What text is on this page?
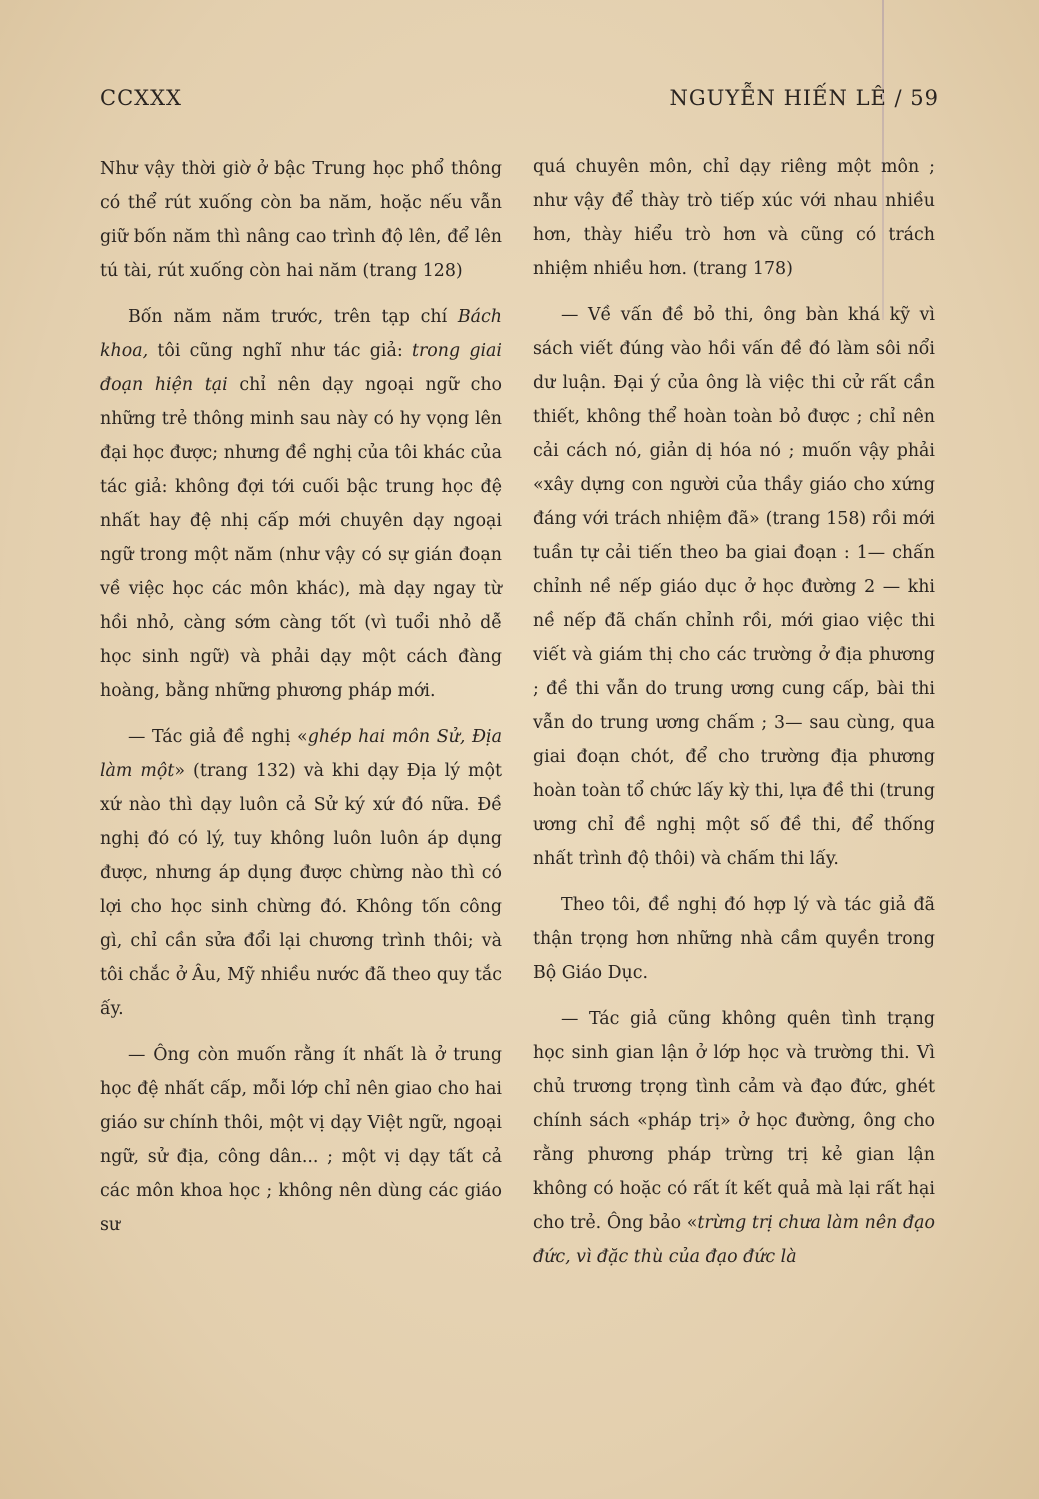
CCXXX	NGUYỄN HIẾN LÊ / 59

Như vậy thời giờ ở bậc Trung học phổ thông có thể rút xuống còn ba năm, hoặc nếu vẫn giữ bốn năm thì nâng cao trình độ lên, để lên tú tài, rút xuống còn hai năm (trang 128)

Bốn năm năm trước, trên tạp chí Bách khoa, tôi cũng nghĩ như tác giả: trong giai đoạn hiện tại chỉ nên dạy ngoại ngữ cho những trẻ thông minh sau này có hy vọng lên đại học được; nhưng đề nghị của tôi khác của tác giả: không đợi tới cuối bậc trung học đệ nhất hay đệ nhị cấp mới chuyên dạy ngoại ngữ trong một năm (như vậy có sự gián đoạn về việc học các môn khác), mà dạy ngay từ hồi nhỏ, càng sớm càng tốt (vì tuổi nhỏ dễ học sinh ngữ) và phải dạy một cách đàng hoàng, bằng những phương pháp mới.

— Tác giả đề nghị «ghép hai môn Sử, Địa làm một» (trang 132) và khi dạy Địa lý một xứ nào thì dạy luôn cả Sử ký xứ đó nữa. Đề nghị đó có lý, tuy không luôn luôn áp dụng được, nhưng áp dụng được chừng nào thì có lợi cho học sinh chừng đó. Không tốn công gì, chỉ cần sửa đổi lại chương trình thôi; và tôi chắc ở Âu, Mỹ nhiều nước đã theo quy tắc ấy.

— Ông còn muốn rằng ít nhất là ở trung học đệ nhất cấp, mỗi lớp chỉ nên giao cho hai giáo sư chính thôi, một vị dạy Việt ngữ, ngoại ngữ, sử địa, công dân... ; một vị dạy tất cả các môn khoa học ; không nên dùng các giáo sư

quá chuyên môn, chỉ dạy riêng một môn ; như vậy để thày trò tiếp xúc với nhau nhiều hơn, thày hiểu trò hơn và cũng có trách nhiệm nhiều hơn. (trang 178)

— Về vấn đề bỏ thi, ông bàn khá kỹ vì sách viết đúng vào hồi vấn đề đó làm sôi nổi dư luận. Đại ý của ông là việc thi cử rất cần thiết, không thể hoàn toàn bỏ được ; chỉ nên cải cách nó, giản dị hóa nó ; muốn vậy phải «xây dựng con người của thầy giáo cho xứng đáng với trách nhiệm đã» (trang 158) rồi mới tuần tự cải tiến theo ba giai đoạn : 1— chấn chỉnh nề nếp giáo dục ở học đường 2 — khi nề nếp đã chấn chỉnh rồi, mới giao việc thi viết và giám thị cho các trường ở địa phương ; đề thi vẫn do trung ương cung cấp, bài thi vẫn do trung ương chấm ; 3— sau cùng, qua giai đoạn chót, để cho trường địa phương hoàn toàn tổ chức lấy kỳ thi, lựa đề thi (trung ương chỉ đề nghị một số đề thi, để thống nhất trình độ thôi) và chấm thi lấy.

Theo tôi, đề nghị đó hợp lý và tác giả đã thận trọng hơn những nhà cầm quyền trong Bộ Giáo Dục.

— Tác giả cũng không quên tình trạng học sinh gian lận ở lớp học và trường thi. Vì chủ trương trọng tình cảm và đạo đức, ghét chính sách «pháp trị» ở học đường, ông cho rằng phương pháp trừng trị kẻ gian lận không có hoặc có rất ít kết quả mà lại rất hại cho trẻ. Ông bảo «trừng trị chưa làm nên đạo đức, vì đặc thù của đạo đức là
